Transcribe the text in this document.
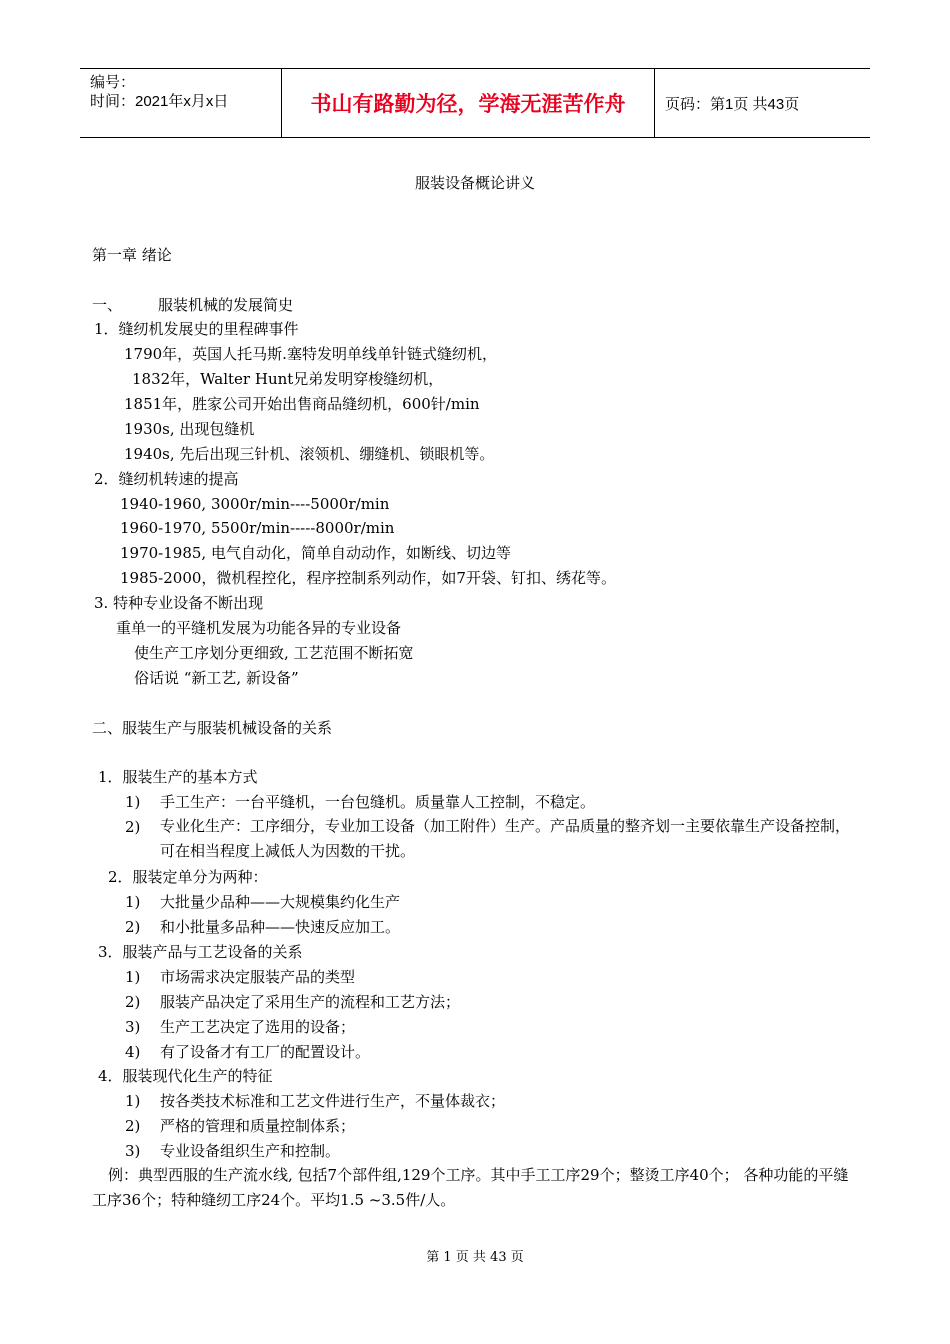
编号：
时间：2021年x月x日	书山有路勤为径，学海无涯苦作舟	页码：第1页 共43页
服装设备概论讲义
第一章 绪论
一、 服装机械的发展简史
1．缝纫机发展史的里程碑事件
1790年，英国人托马斯.塞特发明单线单针链式缝纫机，
1832年，Walter Hunt兄弟发明穿梭缝纫机，
1851年，胜家公司开始出售商品缝纫机，600针/min
1930s, 出现包缝机
1940s, 先后出现三针机、滚领机、绷缝机、锁眼机等。
2．缝纫机转速的提高
1940-1960, 3000r/min----5000r/min
1960-1970, 5500r/min-----8000r/min
1970-1985, 电气自动化，简单自动动作，如断线、切边等
1985-2000，微机程控化，程序控制系列动作，如7开袋、钉扣、绣花等。
3. 特种专业设备不断出现
重单一的平缝机发展为功能各异的专业设备
使生产工序划分更细致, 工艺范围不断拓宽
俗话说 “新工艺, 新设备”
二、服装生产与服装机械设备的关系
1．服装生产的基本方式
1) 手工生产：一台平缝机，一台包缝机。质量靠人工控制，不稳定。
2) 专业化生产：工序细分，专业加工设备（加工附件）生产。产品质量的整齐划一主要依靠生产设备控制，可在相当程度上减低人为因数的干扰。
2．服装定单分为两种：
1) 大批量少品种——大规模集约化生产
2) 和小批量多品种——快速反应加工。
3．服装产品与工艺设备的关系
1) 市场需求决定服装产品的类型
2) 服装产品决定了采用生产的流程和工艺方法；
3) 生产工艺决定了选用的设备；
4) 有了设备才有工厂的配置设计。
4．服装现代化生产的特征
1) 按各类技术标准和工艺文件进行生产，不量体裁衣；
2) 严格的管理和质量控制体系；
3) 专业设备组织生产和控制。
例：典型西服的生产流水线, 包括7个部件组,129个工序。其中手工工序29个；整烫工序40个； 各种功能的平缝工序36个；特种缝纫工序24个。平均1.5 ~3.5件/人。
第 1 页 共 43 页
